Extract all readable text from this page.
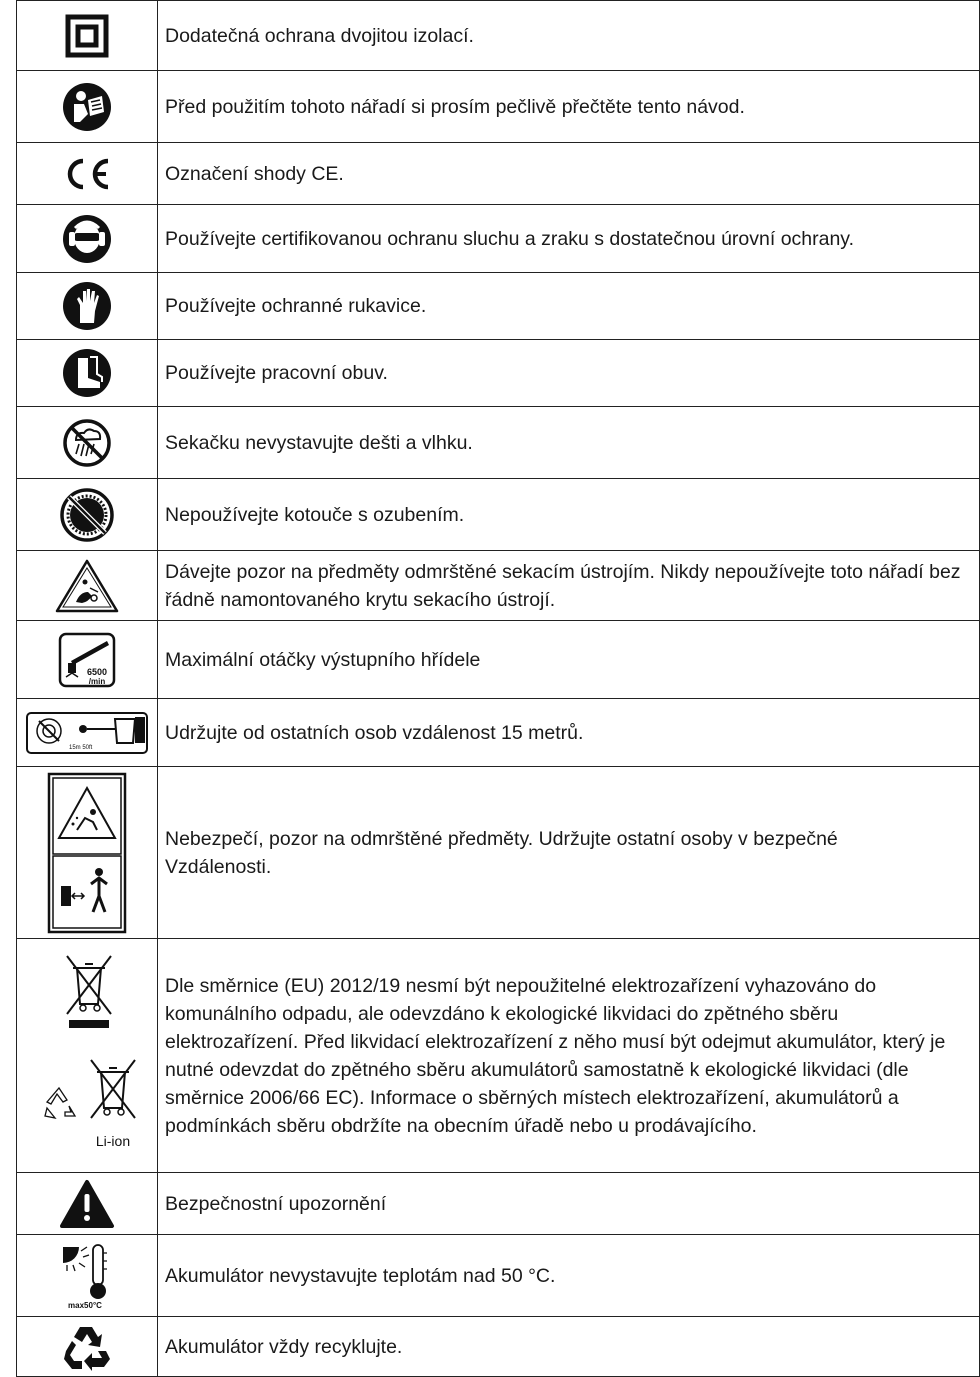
Dodatečná ochrana dvojitou izolací.

Před použitím tohoto nářadí si prosím pečlivě přečtěte tento návod.

Označení shody CE.

Používejte certifikovanou ochranu sluchu a zraku s dostatečnou úrovní ochrany.

Používejte ochranné rukavice.

Používejte pracovní obuv.

Sekačku nevystavujte dešti a vlhku.

Nepoužívejte kotouče s ozubením.

Dávejte pozor na předměty odmrštěné sekacím ústrojím. Nikdy nepoužívejte toto nářadí bez řádně namontovaného krytu sekacího ústrojí.

6500
/min	Maximální otáčky výstupního hřídele

15m 50ft	Udržujte od ostatních osob vzdálenost 15 metrů.

Nebezpečí, pozor na odmrštěné předměty. Udržujte ostatní osoby v bezpečné Vzdálenosti.

Li-ion	Dle směrnice (EU) 2012/19 nesmí být nepoužitelné elektrozařízení vyhazováno do komunálního odpadu, ale odevzdáno k ekologické likvidaci do zpětného sběru elektrozařízení. Před likvidací elektrozařízení z něho musí být odejmut akumulátor, který je nutné odevzdat do zpětného sběru akumulátorů samostatně k ekologické likvidaci (dle směrnice 2006/66 EC). Informace o sběrných místech elektrozařízení, akumulátorů a podmínkách sběru obdržíte na obecním úřadě nebo u prodávajícího.

Bezpečnostní upozornění

max50°C	Akumulátor nevystavujte teplotám nad 50 °C.

Akumulátor vždy recyklujte.
